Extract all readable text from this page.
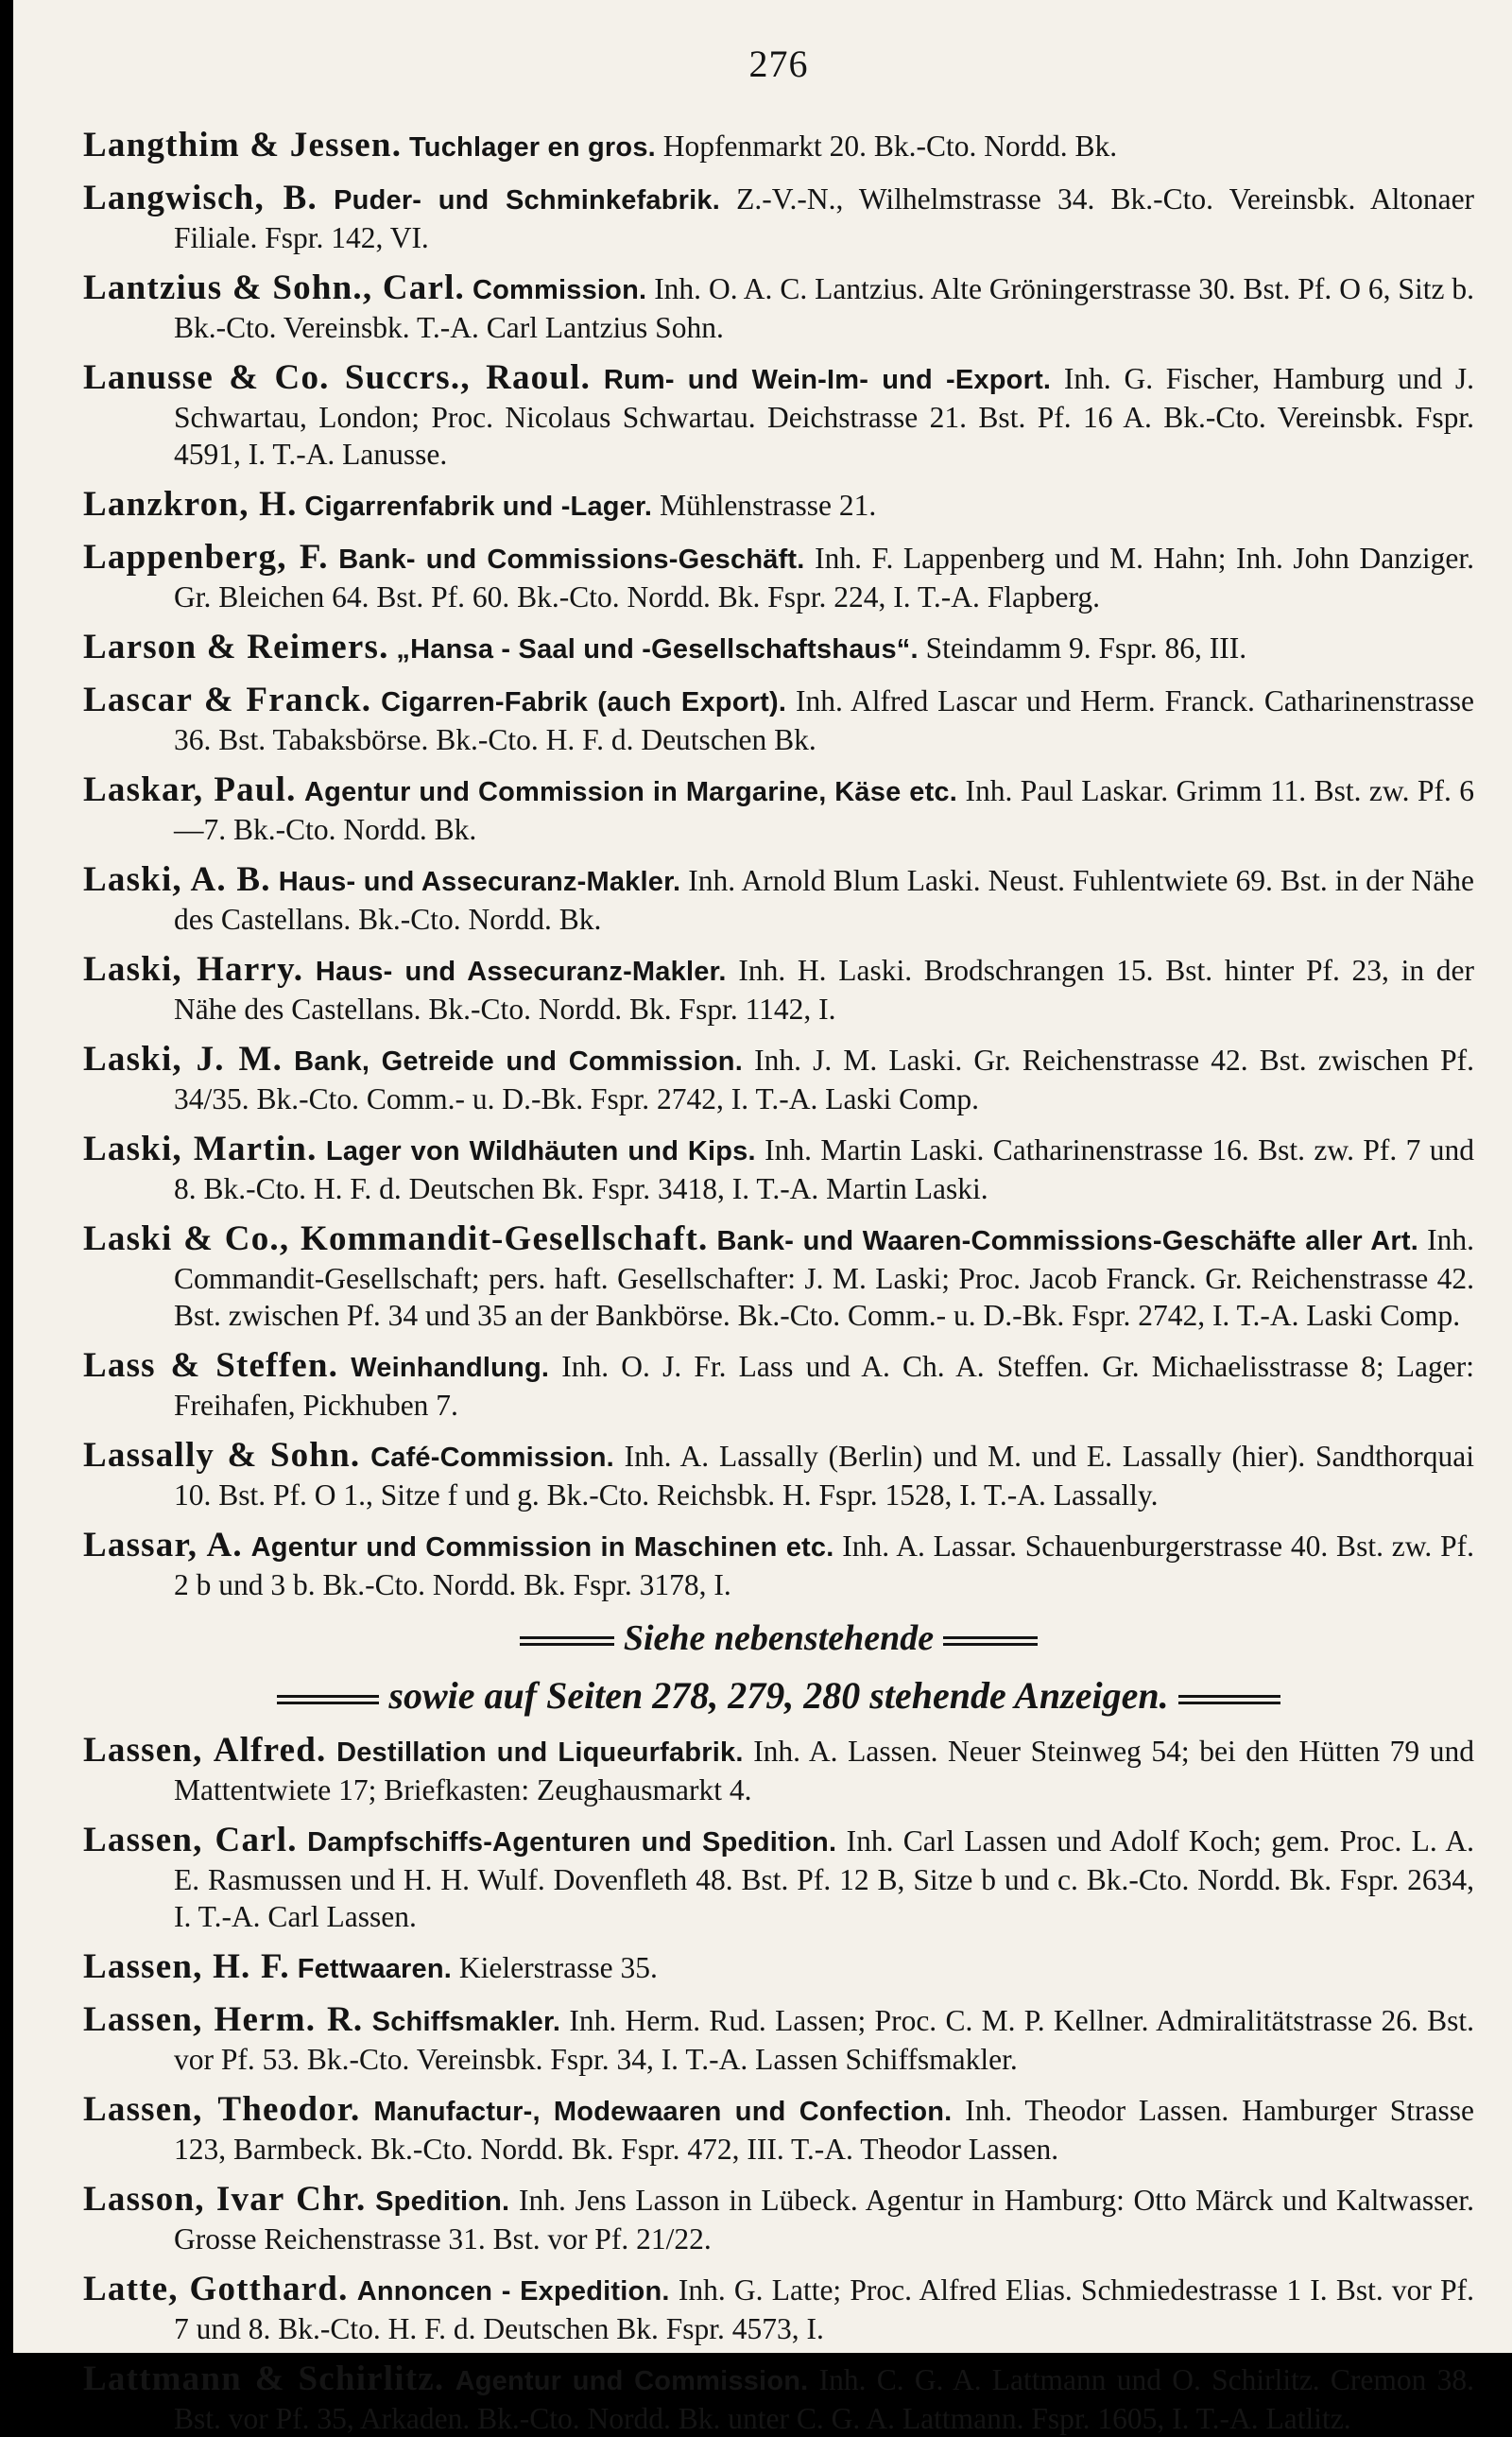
276

Langthim & Jessen. Tuchlager en gros. Hopfenmarkt 20. Bk.-Cto. Nordd. Bk.

Langwisch, B. Puder- und Schminkefabrik. Z.-V.-N., Wilhelmstrasse 34. Bk.-Cto. Vereinsbk. Altonaer Filiale. Fspr. 142, VI.

Lantzius & Sohn., Carl. Commission. Inh. O. A. C. Lantzius. Alte Gröningerstrasse 30. Bst. Pf. O 6, Sitz b. Bk.-Cto. Vereinsbk. T.-A. Carl Lantzius Sohn.

Lanusse & Co. Succrs., Raoul. Rum- und Wein-Im- und -Export. Inh. G. Fischer, Hamburg und J. Schwartau, London; Proc. Nicolaus Schwartau. Deichstrasse 21. Bst. Pf. 16 A. Bk.-Cto. Vereinsbk. Fspr. 4591, I. T.-A. Lanusse.

Lanzkron, H. Cigarrenfabrik und -Lager. Mühlenstrasse 21.

Lappenberg, F. Bank- und Commissions-Geschäft. Inh. F. Lappenberg und M. Hahn; Inh. John Danziger. Gr. Bleichen 64. Bst. Pf. 60. Bk.-Cto. Nordd. Bk. Fspr. 224, I. T.-A. Flapberg.

Larson & Reimers. „Hansa - Saal und -Gesellschaftshaus“. Steindamm 9. Fspr. 86, III.

Lascar & Franck. Cigarren-Fabrik (auch Export). Inh. Alfred Lascar und Herm. Franck. Catharinenstrasse 36. Bst. Tabaksbörse. Bk.-Cto. H. F. d. Deutschen Bk.

Laskar, Paul. Agentur und Commission in Margarine, Käse etc. Inh. Paul Laskar. Grimm 11. Bst. zw. Pf. 6—7. Bk.-Cto. Nordd. Bk.

Laski, A. B. Haus- und Assecuranz-Makler. Inh. Arnold Blum Laski. Neust. Fuhlentwiete 69. Bst. in der Nähe des Castellans. Bk.-Cto. Nordd. Bk.

Laski, Harry. Haus- und Assecuranz-Makler. Inh. H. Laski. Brodschrangen 15. Bst. hinter Pf. 23, in der Nähe des Castellans. Bk.-Cto. Nordd. Bk. Fspr. 1142, I.

Laski, J. M. Bank, Getreide und Commission. Inh. J. M. Laski. Gr. Reichenstrasse 42. Bst. zwischen Pf. 34/35. Bk.-Cto. Comm.- u. D.-Bk. Fspr. 2742, I. T.-A. Laski Comp.

Laski, Martin. Lager von Wildhäuten und Kips. Inh. Martin Laski. Catharinenstrasse 16. Bst. zw. Pf. 7 und 8. Bk.-Cto. H. F. d. Deutschen Bk. Fspr. 3418, I. T.-A. Martin Laski.

Laski & Co., Kommandit-Gesellschaft. Bank- und Waaren-Commissions-Geschäfte aller Art. Inh. Commandit-Gesellschaft; pers. haft. Gesellschafter: J. M. Laski; Proc. Jacob Franck. Gr. Reichenstrasse 42. Bst. zwischen Pf. 34 und 35 an der Bankbörse. Bk.-Cto. Comm.- u. D.-Bk. Fspr. 2742, I. T.-A. Laski Comp.

Lass & Steffen. Weinhandlung. Inh. O. J. Fr. Lass und A. Ch. A. Steffen. Gr. Michaelisstrasse 8; Lager: Freihafen, Pickhuben 7.

Lassally & Sohn. Café-Commission. Inh. A. Lassally (Berlin) und M. und E. Lassally (hier). Sandthorquai 10. Bst. Pf. O 1., Sitze f und g. Bk.-Cto. Reichsbk. H. Fspr. 1528, I. T.-A. Lassally.

Lassar, A. Agentur und Commission in Maschinen etc. Inh. A. Lassar. Schauenburgerstrasse 40. Bst. zw. Pf. 2 b und 3 b. Bk.-Cto. Nordd. Bk. Fspr. 3178, I.

Siehe nebenstehende
sowie auf Seiten 278, 279, 280 stehende Anzeigen.

Lassen, Alfred. Destillation und Liqueurfabrik. Inh. A. Lassen. Neuer Steinweg 54; bei den Hütten 79 und Mattentwiete 17; Briefkasten: Zeughausmarkt 4.

Lassen, Carl. Dampfschiffs-Agenturen und Spedition. Inh. Carl Lassen und Adolf Koch; gem. Proc. L. A. E. Rasmussen und H. H. Wulf. Dovenfleth 48. Bst. Pf. 12 B, Sitze b und c. Bk.-Cto. Nordd. Bk. Fspr. 2634, I. T.-A. Carl Lassen.

Lassen, H. F. Fettwaaren. Kielerstrasse 35.

Lassen, Herm. R. Schiffsmakler. Inh. Herm. Rud. Lassen; Proc. C. M. P. Kellner. Admiralitätstrasse 26. Bst. vor Pf. 53. Bk.-Cto. Vereinsbk. Fspr. 34, I. T.-A. Lassen Schiffsmakler.

Lassen, Theodor. Manufactur-, Modewaaren und Confection. Inh. Theodor Lassen. Hamburger Strasse 123, Barmbeck. Bk.-Cto. Nordd. Bk. Fspr. 472, III. T.-A. Theodor Lassen.

Lasson, Ivar Chr. Spedition. Inh. Jens Lasson in Lübeck. Agentur in Hamburg: Otto Märck und Kaltwasser. Grosse Reichenstrasse 31. Bst. vor Pf. 21/22.

Latte, Gotthard. Annoncen - Expedition. Inh. G. Latte; Proc. Alfred Elias. Schmiedestrasse 1 I. Bst. vor Pf. 7 und 8. Bk.-Cto. H. F. d. Deutschen Bk. Fspr. 4573, I.

Lattmann & Schirlitz. Agentur und Commission. Inh. C. G. A. Lattmann und O. Schirlitz. Cremon 38. Bst. vor Pf. 35, Arkaden. Bk.-Cto. Nordd. Bk. unter C. G. A. Lattmann. Fspr. 1605, I. T.-A. Latlitz.
